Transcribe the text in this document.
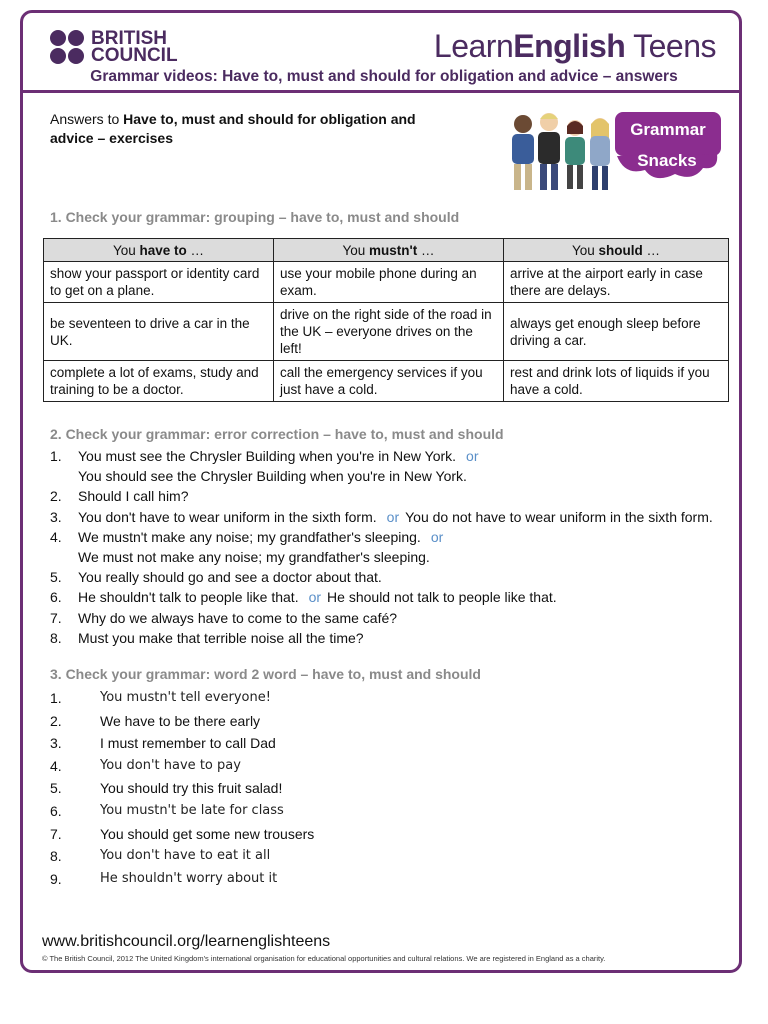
BRITISH
COUNCIL	LearnEnglish Teens
Grammar videos: Have to, must and should for obligation and advice – answers
Answers to Have to, must and should for obligation and advice – exercises	Grammar
Snacks
1. Check your grammar: grouping – have to, must and should
You have to …	You mustn't …	You should …
show your passport or identity card to get on a plane.	use your mobile phone during an exam.	arrive at the airport early in case there are delays.
be seventeen to drive a car in the UK.	drive on the right side of the road in the UK – everyone drives on the left!	always get enough sleep before driving a car.
complete a lot of exams, study and training to be a doctor.	call the emergency services if you just have a cold.	rest and drink lots of liquids if you have a cold.
2. Check your grammar: error correction – have to, must and should
1.	You must see the Chrysler Building when you're in New York. or
You should see the Chrysler Building when you're in New York.
2.	Should I call him?
3.	You don't have to wear uniform in the sixth form. or You do not have to wear uniform in the sixth form.
4.	We mustn't make any noise; my grandfather's sleeping. or
We must not make any noise; my grandfather's sleeping.
5.	You really should go and see a doctor about that.
6.	He shouldn't talk to people like that. or He should not talk to people like that.
7.	Why do we always have to come to the same café?
8.	Must you make that terrible noise all the time?
3. Check your grammar: word 2 word – have to, must and should
1.	You mustn't tell everyone!
2.	We have to be there early
3.	I must remember to call Dad
4.	You don't have to pay
5.	You should try this fruit salad!
6.	You mustn't be late for class
7.	You should get some new trousers
8.	You don't have to eat it all
9.	He shouldn't worry about it
www.britishcouncil.org/learnenglishteens
© The British Council, 2012 The United Kingdom's international organisation for educational opportunities and cultural relations. We are registered in England as a charity.
